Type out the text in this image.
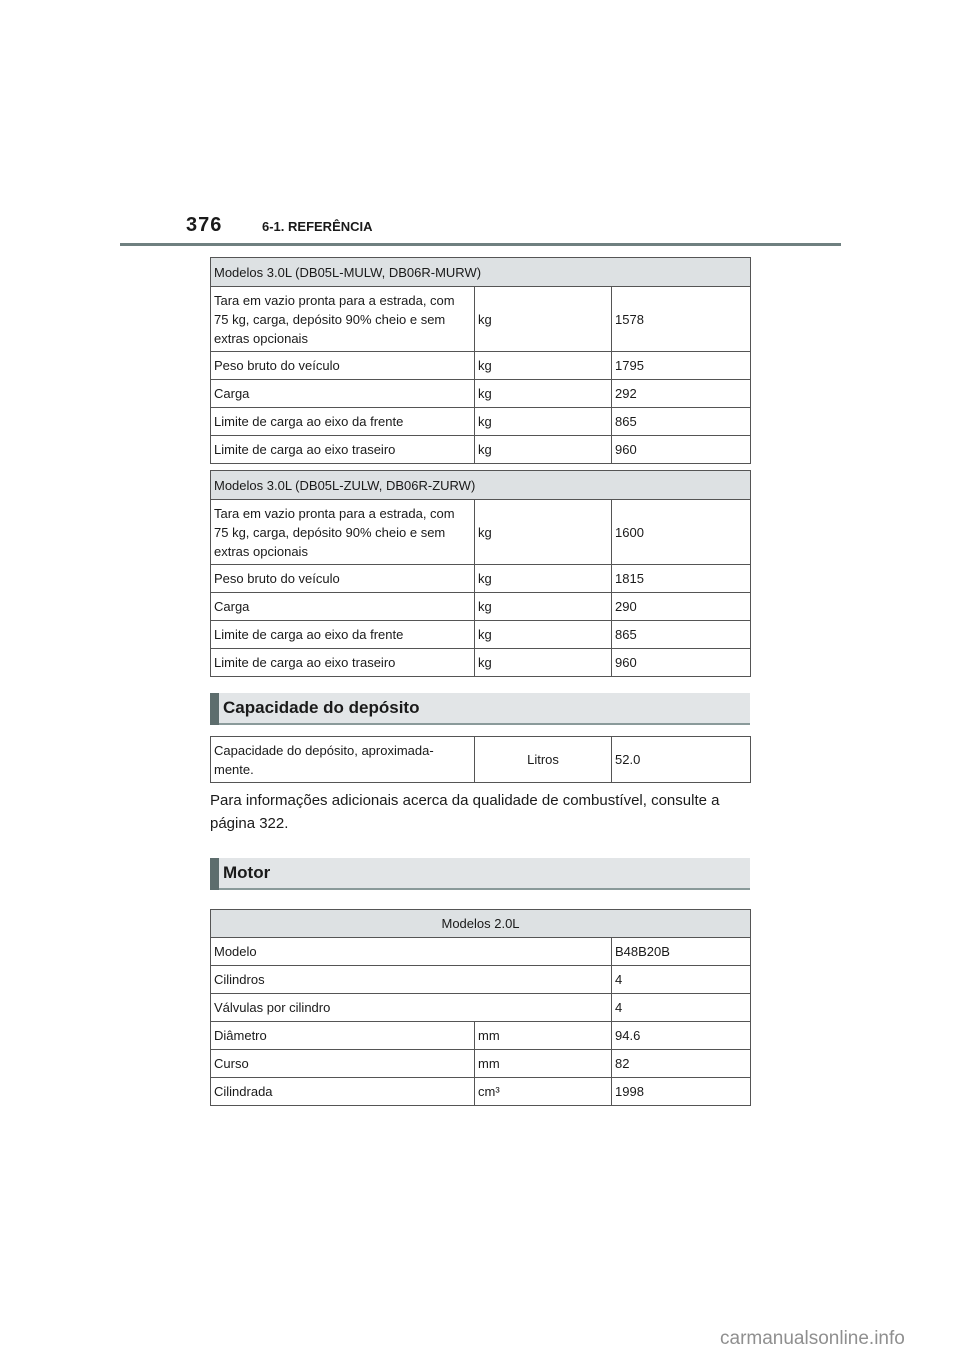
376	6-1. REFERÊNCIA
Modelos 3.0L (DB05L-MULW, DB06R-MURW)		
Tara em vazio pronta para a estrada, com 75 kg, carga, depósito 90% cheio e sem extras opcionais	kg	1578
Peso bruto do veículo	kg	1795
Carga	kg	292
Limite de carga ao eixo da frente	kg	865
Limite de carga ao eixo traseiro	kg	960
Modelos 3.0L (DB05L-ZULW, DB06R-ZURW)		
Tara em vazio pronta para a estrada, com 75 kg, carga, depósito 90% cheio e sem extras opcionais	kg	1600
Peso bruto do veículo	kg	1815
Carga	kg	290
Limite de carga ao eixo da frente	kg	865
Limite de carga ao eixo traseiro	kg	960
Capacidade do depósito
Capacidade do depósito, aproximada-mente.	Litros	52.0
Para informações adicionais acerca da qualidade de combustível, consulte a página 322.
Motor
Modelos 2.0L		
Modelo		B48B20B
Cilindros		4
Válvulas por cilindro		4
Diâmetro	mm	94.6
Curso	mm	82
Cilindrada	cm³	1998
carmanualsonline.info
